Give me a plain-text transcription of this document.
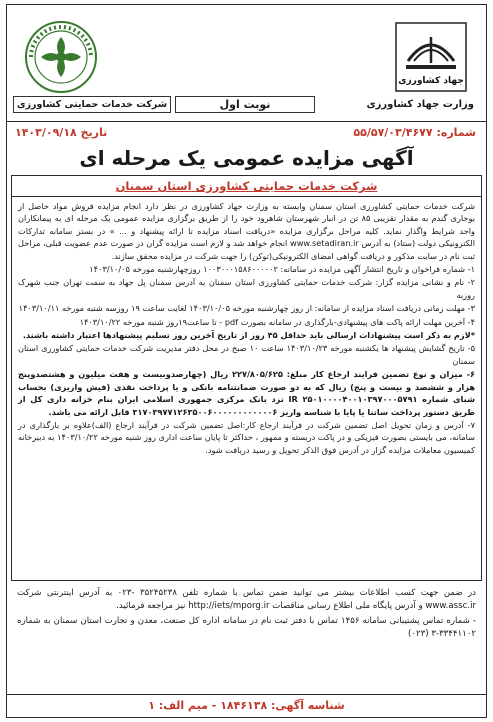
جهاد کشاورزی
وزارت جهاد کشاورزی
نوبت اول
شرکت خدمات حمایتی کشاورزی
شماره: ۵۵/۵۷/۰۳/۴۶۷۷
تاریخ ۱۴۰۳/۰۹/۱۸
آگهی مزایده عمومی یک مرحله ای
شرکت خدمات حمایتی کشاورزی استان سمنان

شرکت خدمات حمایتی کشاورزی استان سمنان وابسته به وزارت جهاد کشاورزی در نظر دارد انجام مزایده فروش مواد حاصل از بوجاری گندم به مقدار تقریبی ۸۵ تن در انبار شهرستان شاهرود خود را از طریق برگزاری مزایده عمومی یک مرحله ای به پیمانکاران واجد شرایط واگذار نماید. کلیه مراحل برگزاری مزایده «دریافت اسناد مزایده تا ارائه پیشنهاد و ... » در بستر سامانه تدارکات الکترونیکی دولت (ستاد) به آدرس www.setadiran.ir انجام خواهد شد و لازم است مزایده گران در صورت عدم عضویت قبلی، مراحل ثبت نام در سایت مذکور و دریافت گواهی امضای الکترونیکی(توکن) را جهت شرکت در مزایده محقق سازند.

۱- شماره فراخوان و تاریخ انتشار آگهی مزایده در سامانه: ۱۰۰۳۰۰۰۱۵۸۶۰۰۰۰۰۲ روزچهارشنبه مورخه ۱۴۰۳/۱۰/۰۵

۲- نام و نشانی مزایده گزار: شرکت خدمات حمایتی کشاورزی استان سمنان به آدرس سمنان پل جهاد به سمت تهران جنب شهرک روزبه

۳- مهلت زمانی دریافت اسناد مزایده از سامانه: از روز چهارشنبه مورخه ۱۴۰۳/۱۰/۰۵ لغایت ساعت ۱۹ روزسه شنبه مورخه ۱۴۰۳/۱۰/۱۱

۴- آخرین مهلت ارائه پاکت های پیشنهادی-بارگذاری در سامانه بصورت pdf - تا ساعت۱۹روز شنبه مورخه ۱۴۰۳/۱۰/۲۲

*لازم به ذکر است پیشنهادات ارسالی باید حداقل ۴۵ روز از تاریخ آخرین روز تسلیم پیشنهادها اعتبار داشته باشند.

۵- تاریخ گشایش پیشنهاد ها یکشنبه مورخه ۱۴۰۳/۱۰/۲۳ ساعت ۱۰ صبح در محل دفتر مدیریت شرکت خدمات حمایتی کشاورزی استان سمنان

۶- میزان و نوع تضمین فرایند ارجاع کار مبلغ: ۲۲۷/۸۰۵/۶۲۵ ریال (چهارصدوبیست و هفت میلیون و هشتصدوپنج هزار و ششصد و بیست و پنج) ریال که به دو صورت ضمانتنامه بانکی و یا پرداخت نقدی (فیش واریزی) بحساب شبای شماره IR ۲۵۰۱۰۰۰۰۴۰۰۱۰۳۹۷۰۰۰۵۷۹۱ نزد بانک مرکزی جمهوری اسلامی ایران بنام خزانه داری کل از طریق دستور پرداخت ساتنا یا پایا با شناسه واریز ۳۱۷۰۳۹۷۷۱۲۶۳۵۰۰۶۰۰۰۰۰۰۰۰۰۰۰۰۶ قابل ارائه می باشد.

۷- آدرس و زمان تحویل اصل تضمین شرکت در فرآیند ارجاع کار:اصل تضمین شرکت در فرآیند ارجاع (الف)علاوه بر بارگذاری در سامانه، می بایستی بصورت فیزیکی و در پاکت دربسته و ممهور ، حداکثر تا پایان ساعت اداری روز شنبه مورخه ۱۴۰۳/۱۰/۲۲ به دبیرخانه کمیسیون معاملات مزایده گزار در آدرس فوق الذکر تحویل و رسید دریافت شود.

در ضمن جهت کسب اطلاعات بیشتر می توانید ضمن تماس با شماره تلفن ۳۵۲۴۵۲۳۸ -۰۲۳ به آدرس اینترنتی شرکت www.assc.ir و آدرس پایگاه ملی اطلاع رسانی مناقصات http://iets/mporg.ir نیز مراجعه فرمائید.

- شماره تماس پشتیبانی سامانه ۱۴۵۶ تماس با دفتر ثبت نام در سامانه اداره کل صنعت، معدن و تجارت استان سمنان به شماره ۳۳۴۴۱۱۰۲-۳ (۰۲۳)

شناسه آگهی: ۱۸۴۶۱۳۸ - میم الف: ۱
